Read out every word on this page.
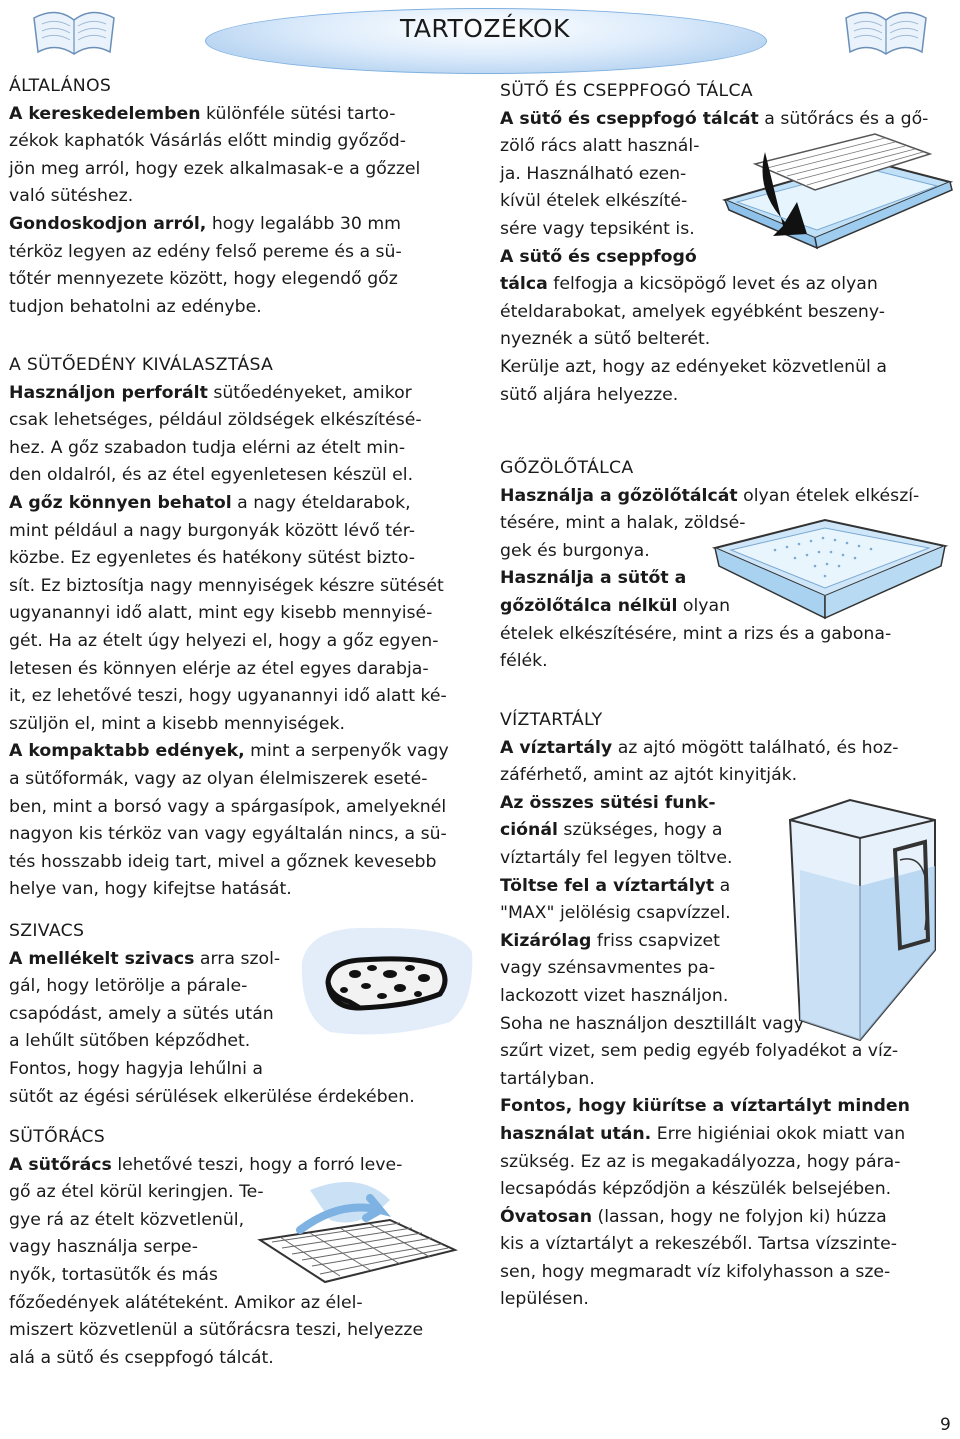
TARTOZÉKOK
ÁLTALÁNOS

A kereskedelemben különféle sütési tarto-
zékok kaphatók Vásárlás előtt mindig győződ-
jön meg arról, hogy ezek alkalmasak-e a gőzzel
való sütéshez.

Gondoskodjon arról, hogy legalább 30 mm
térköz legyen az edény felső pereme és a sü-
tőtér mennyezete között, hogy elegendő gőz
tudjon behatolni az edénybe.

A SÜTŐEDÉNY KIVÁLASZTÁSA

Használjon perforált sütőedényeket, amikor
csak lehetséges, például zöldségek elkészítésé-
hez. A gőz szabadon tudja elérni az ételt min-
den oldalról, és az étel egyenletesen készül el.
A gőz könnyen behatol a nagy ételdarabok,
mint például a nagy burgonyák között lévő tér-
közbe. Ez egyenletes és hatékony sütést bizto-
sít. Ez biztosítja nagy mennyiségek készre sütését
ugyanannyi idő alatt, mint egy kisebb mennyisé-
gét. Ha az ételt úgy helyezi el, hogy a gőz egyen-
letesen és könnyen elérje az étel egyes darabja-
it, ez lehetővé teszi, hogy ugyanannyi idő alatt ké-
szüljön el, mint a kisebb mennyiségek.
A kompaktabb edények, mint a serpenyők vagy
a sütőformák, vagy az olyan élelmiszerek eseté-
ben, mint a borsó vagy a spárgasípok, amelyeknél
nagyon kis térköz van vagy egyáltalán nincs, a sü-
tés hosszabb ideig tart, mivel a gőznek kevesebb
helye van, hogy kifejtse hatását.

SZIVACS

A mellékelt szivacs arra szol-
gál, hogy letörölje a párale-
csapódást, amely a sütés után
a lehűlt sütőben képződhet.
Fontos, hogy hagyja lehűlni a
sütőt az égési sérülések elkerülése érdekében.

SÜTŐRÁCS

A sütőrács lehetővé teszi, hogy a forró leve-
gő az étel körül keringjen. Te-
gye rá az ételt közvetlenül,
vagy használja serpe-
nyők, tortasütők és más
főzőedények alátéteként. Amikor az élel-
miszert közvetlenül a sütőrácsra teszi, helyezze
alá a sütő és cseppfogó tálcát.

SÜTŐ ÉS CSEPPFOGÓ TÁLCA

A sütő és cseppfogó tálcát a sütőrács és a gő-
zölő rács alatt használ-
ja. Használható ezen-
kívül ételek elkészíté-
sére vagy tepsiként is.
A sütő és cseppfogó
tálca felfogja a kicsöpögő levet és az olyan
ételdarabokat, amelyek egyébként beszeny-
nyeznék a sütő belterét.
Kerülje azt, hogy az edényeket közvetlenül a
sütő aljára helyezze.

GŐZÖLŐTÁLCA

Használja a gőzölőtálcát olyan ételek elkészí-
tésére, mint a halak, zöldsé-
gek és burgonya.
Használja a sütőt a
gőzölőtálca nélkül olyan
ételek elkészítésére, mint a rizs és a gabona-
félék.

VÍZTARTÁLY

A víztartály az ajtó mögött található, és hoz-
záférhető, amint az ajtót kinyitják.
Az összes sütési funk-
ciónál szükséges, hogy a
víztartály fel legyen töltve.
Töltse fel a víztartályt a
"MAX" jelölésig csapvízzel.
Kizárólag friss csapvizet
vagy szénsavmentes pa-
lackozott vizet használjon.
Soha ne használjon desztillált vagy
szűrt vizet, sem pedig egyéb folyadékot a víz-
tartályban.
Fontos, hogy kiürítse a víztartályt minden
használat után. Erre higiéniai okok miatt van
szükség. Ez az is megakadályozza, hogy pára-
lecsapódás képződjön a készülék belsejében.
Óvatosan (lassan, hogy ne folyjon ki) húzza
kis a víztartályt a rekeszéből. Tartsa vízszinte-
sen, hogy megmaradt víz kifolyhasson a sze-
lepülésen.

9
